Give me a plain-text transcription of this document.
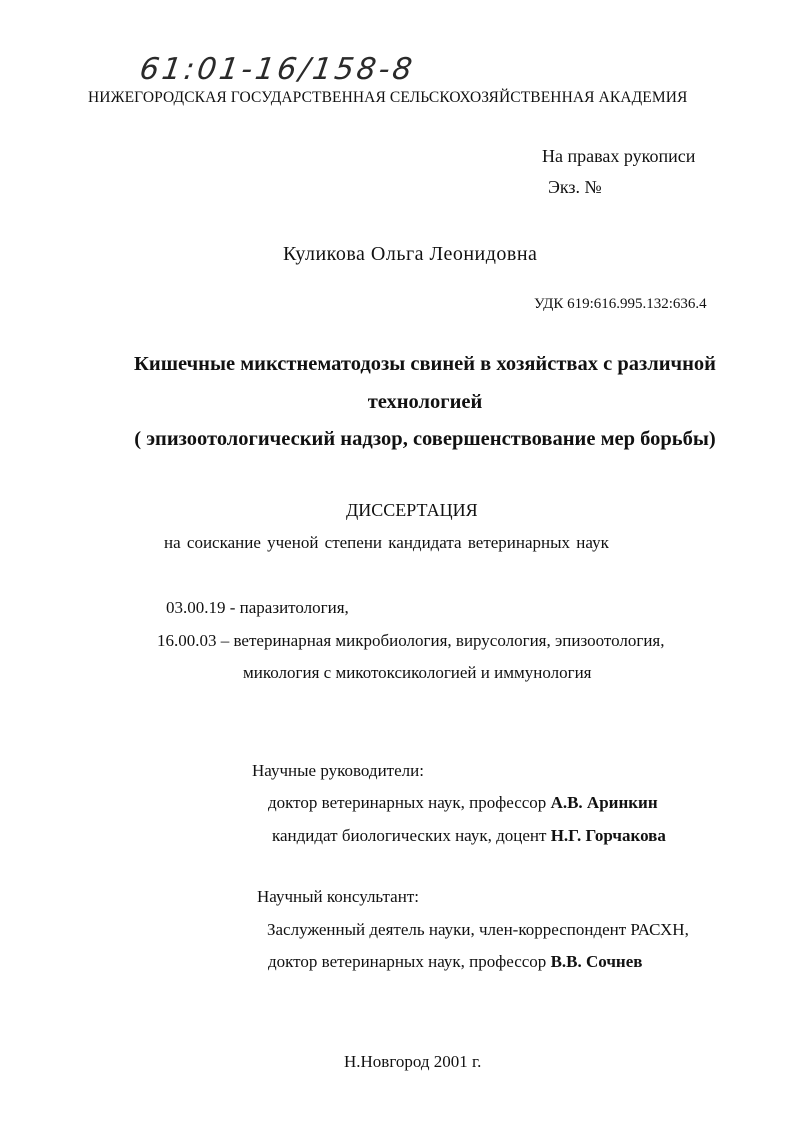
61:01-16/158-8
НИЖЕГОРОДСКАЯ ГОСУДАРСТВЕННАЯ СЕЛЬСКОХОЗЯЙСТВЕННАЯ АКАДЕМИЯ
На правах рукописи
Экз. №
Куликова Ольга Леонидовна
УДК 619:616.995.132:636.4
Кишечные микстнематодозы свиней в хозяйствах с различной
технологией
( эпизоотологический надзор, совершенствование мер борьбы)
ДИССЕРТАЦИЯ
на соискание ученой степени кандидата ветеринарных наук
03.00.19 - паразитология,
16.00.03 – ветеринарная микробиология, вирусология, эпизоотология,
микология с микотоксикологией и иммунология
Научные руководители:
доктор ветеринарных наук, профессор А.В. Аринкин
кандидат биологических наук, доцент Н.Г. Горчакова
Научный консультант:
Заслуженный деятель науки, член-корреспондент РАСХН,
доктор ветеринарных наук, профессор В.В. Сочнев
Н.Новгород 2001 г.
